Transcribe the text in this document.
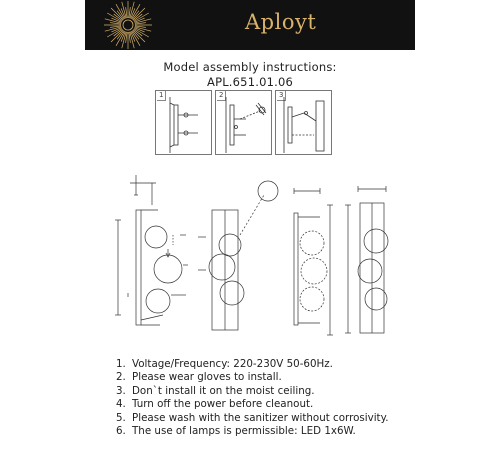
Aployt
Model assembly instructions:
APL.651.01.06
1	2	3
1. Voltage/Frequency: 220-230V 50-60Hz.
2. Please wear gloves to install.
3. Don`t install it on the moist ceiling.
4. Turn off the power before cleanout.
5. Please wash with the sanitizer without corrosivity.
6. The use of lamps is permissible: LED 1x6W.
